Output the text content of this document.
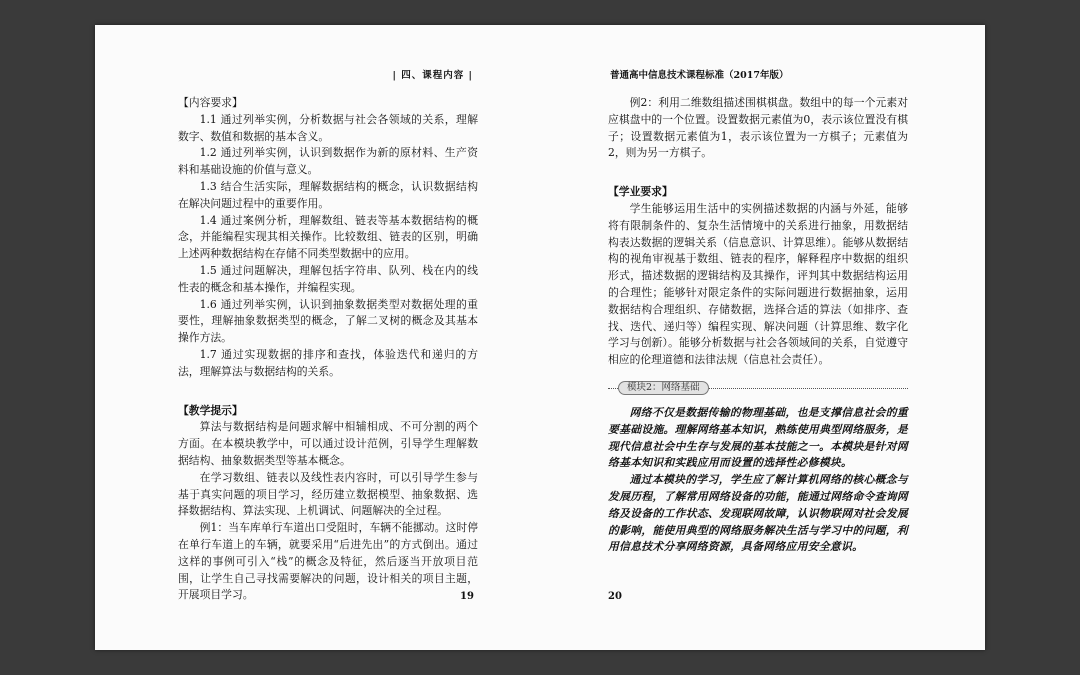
| 四、课程内容 |

【内容要求】

1.1 通过列举实例，分析数据与社会各领域的关系，理解数字、数值和数据的基本含义。

1.2 通过列举实例，认识到数据作为新的原材料、生产资料和基础设施的价值与意义。

1.3 结合生活实际，理解数据结构的概念，认识数据结构在解决问题过程中的重要作用。

1.4 通过案例分析，理解数组、链表等基本数据结构的概念，并能编程实现其相关操作。比较数组、链表的区别，明确上述两种数据结构在存储不同类型数据中的应用。

1.5 通过问题解决，理解包括字符串、队列、栈在内的线性表的概念和基本操作，并编程实现。

1.6 通过列举实例，认识到抽象数据类型对数据处理的重要性，理解抽象数据类型的概念，了解二叉树的概念及其基本操作方法。

1.7 通过实现数据的排序和查找，体验迭代和递归的方法，理解算法与数据结构的关系。

【教学提示】

算法与数据结构是问题求解中相辅相成、不可分割的两个方面。在本模块教学中，可以通过设计范例，引导学生理解数据结构、抽象数据类型等基本概念。

在学习数组、链表以及线性表内容时，可以引导学生参与基于真实问题的项目学习，经历建立数据模型、抽象数据、选择数据结构、算法实现、上机调试、问题解决的全过程。

例1：当车库单行车道出口受阻时，车辆不能挪动。这时停在单行车道上的车辆，就要采用“后进先出”的方式倒出。通过这样的事例可引入“栈”的概念及特征，然后逐当开放项目范围，让学生自己寻找需要解决的问题，设计相关的项目主题，开展项目学习。	19
普通高中信息技术课程标准（2017年版）

例2：利用二维数组描述围棋棋盘。数组中的每一个元素对应棋盘中的一个位置。设置数据元素值为0，表示该位置没有棋子；设置数据元素值为1，表示该位置为一方棋子；元素值为2，则为另一方棋子。

【学业要求】

学生能够运用生活中的实例描述数据的内涵与外延，能够将有限制条件的、复杂生活情境中的关系进行抽象，用数据结构表达数据的逻辑关系（信息意识、计算思维）。能够从数据结构的视角审视基于数组、链表的程序，解释程序中数据的组织形式，描述数据的逻辑结构及其操作，评判其中数据结构运用的合理性；能够针对限定条件的实际问题进行数据抽象，运用数据结构合理组织、存储数据，选择合适的算法（如排序、查找、迭代、递归等）编程实现、解决问题（计算思维、数字化学习与创新）。能够分析数据与社会各领域间的关系，自觉遵守相应的伦理道德和法律法规（信息社会责任）。

模块2：网络基础

网络不仅是数据传输的物理基础，也是支撑信息社会的重要基础设施。理解网络基本知识，熟练使用典型网络服务，是现代信息社会中生存与发展的基本技能之一。本模块是针对网络基本知识和实践应用而设置的选择性必修模块。

通过本模块的学习，学生应了解计算机网络的核心概念与发展历程，了解常用网络设备的功能，能通过网络命令查询网络及设备的工作状态、发现联网故障，认识物联网对社会发展的影响，能使用典型的网络服务解决生活与学习中的问题，利用信息技术分享网络资源，具备网络应用安全意识。

20
